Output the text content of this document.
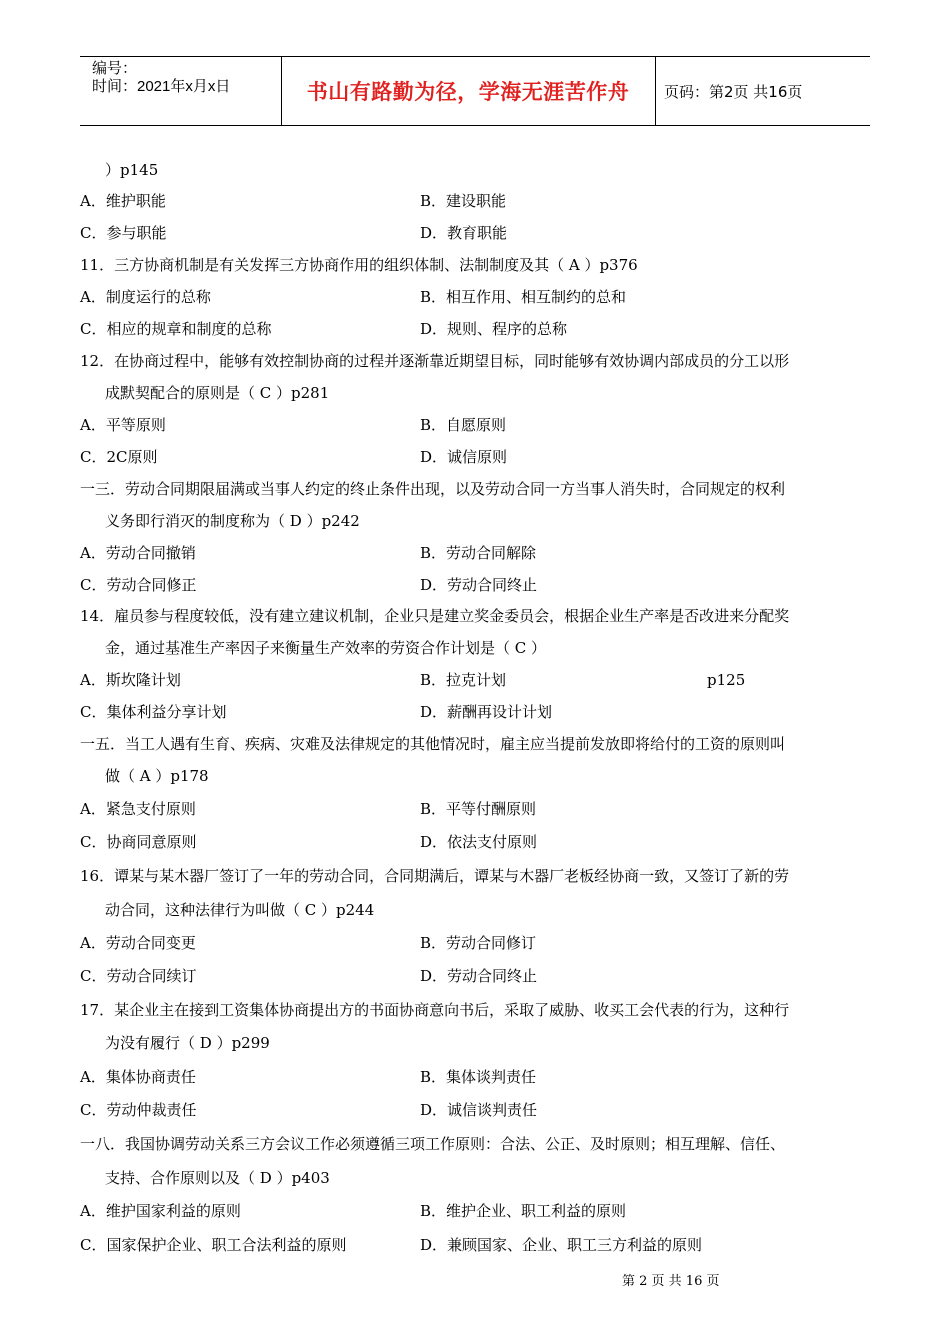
编号：
时间：2021年x月x日	书山有路勤为径，学海无涯苦作舟	页码：第2页 共16页
）p145
A．维护职能	B．建设职能
C．参与职能	D．教育职能
11．三方协商机制是有关发挥三方协商作用的组织体制、法制制度及其（ A ）p376
A．制度运行的总称	B．相互作用、相互制约的总和
C．相应的规章和制度的总称	D．规则、程序的总称
12．在协商过程中，能够有效控制协商的过程并逐渐靠近期望目标，同时能够有效协调内部成员的分工以形
成默契配合的原则是（ C ）p281
A．平等原则	B．自愿原则
C．2C原则	D．诚信原则
一三．劳动合同期限届满或当事人约定的终止条件出现，以及劳动合同一方当事人消失时，合同规定的权利
义务即行消灭的制度称为（ D ）p242
A．劳动合同撤销	B．劳动合同解除
C．劳动合同修正	D．劳动合同终止
14．雇员参与程度较低，没有建立建议机制，企业只是建立奖金委员会，根据企业生产率是否改进来分配奖
金，通过基准生产率因子来衡量生产效率的劳资合作计划是（ C ）
A．斯坎隆计划	B．拉克计划	p125
C．集体利益分享计划	D．薪酬再设计计划
一五．当工人遇有生育、疾病、灾难及法律规定的其他情况时，雇主应当提前发放即将给付的工资的原则叫
做（ A ）p178
A．紧急支付原则	B．平等付酬原则
C．协商同意原则	D．依法支付原则
16．谭某与某木器厂签订了一年的劳动合同，合同期满后，谭某与木器厂老板经协商一致，又签订了新的劳
动合同，这种法律行为叫做（ C ）p244
A．劳动合同变更	B．劳动合同修订
C．劳动合同续订	D．劳动合同终止
17．某企业主在接到工资集体协商提出方的书面协商意向书后，采取了威胁、收买工会代表的行为，这种行
为没有履行（ D ）p299
A．集体协商责任	B．集体谈判责任
C．劳动仲裁责任	D．诚信谈判责任
一八．我国协调劳动关系三方会议工作必须遵循三项工作原则：合法、公正、及时原则；相互理解、信任、
支持、合作原则以及（ D ）p403
A．维护国家利益的原则	B．维护企业、职工利益的原则
C．国家保护企业、职工合法利益的原则	D．兼顾国家、企业、职工三方利益的原则
第 2 页 共 16 页
